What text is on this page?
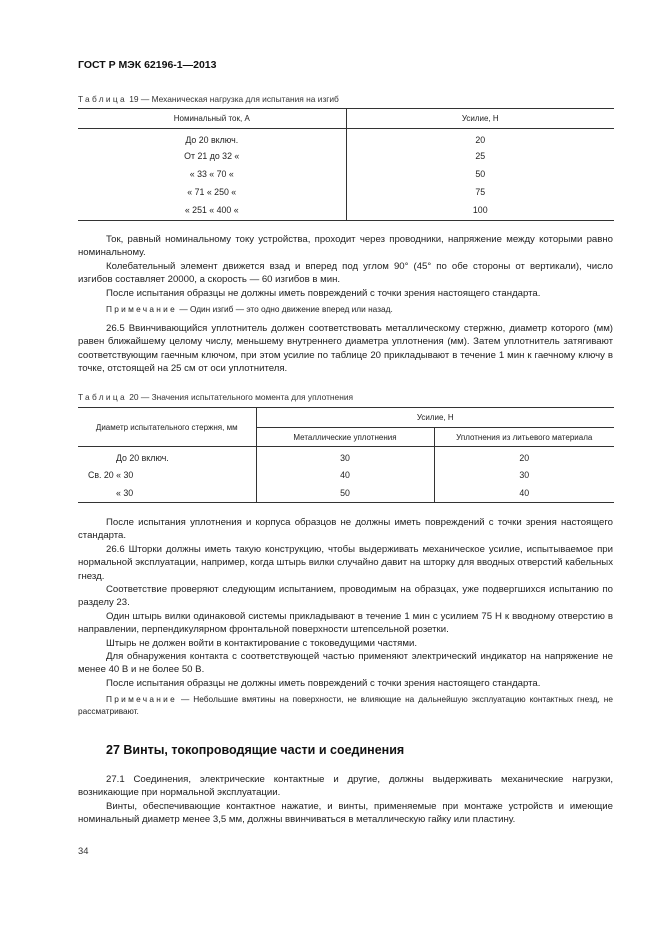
ГОСТ Р МЭК 62196-1—2013
Таблица 19 — Механическая нагрузка для испытания на изгиб
Номинальный ток, А	Усилие, Н
До 20 включ.	20
От 21 до 32 «	25
« 33 « 70 «	50
« 71 « 250 «	75
« 251 « 400 «	100

Ток, равный номинальному току устройства, проходит через проводники, напряжение между которыми равно номинальному.

Колебательный элемент движется взад и вперед под углом 90° (45° по обе стороны от вертикали), число изгибов составляет 20000, а скорость — 60 изгибов в мин.

После испытания образцы не должны иметь повреждений с точки зрения настоящего стандарта.

Примечание — Один изгиб — это одно движение вперед или назад.

26.5 Ввинчивающийся уплотнитель должен соответствовать металлическому стержню, диаметр которого (мм) равен ближайшему целому числу, меньшему внутреннего диаметра уплотнения (мм). Затем уплотнитель затягивают соответствующим гаечным ключом, при этом усилие по таблице 20 прикладывают в течение 1 мин к гаечному ключу в точке, отстоящей на 25 см от оси уплотнителя.

Таблица 20 — Значения испытательного момента для уплотнения
Диаметр испытательного стержня, мм	Усилие, Н	
	Металлические уплотнения	Уплотнения из литьевого материала
До 20 включ.	30	20
Св. 20 « 30	40	30
« 30	50	40

После испытания уплотнения и корпуса образцов не должны иметь повреждений с точки зрения настоящего стандарта.

26.6 Шторки должны иметь такую конструкцию, чтобы выдерживать механическое усилие, испытываемое при нормальной эксплуатации, например, когда штырь вилки случайно давит на шторку для вводных отверстий кабельных гнезд.

Соответствие проверяют следующим испытанием, проводимым на образцах, уже подвергшихся испытанию по разделу 23.

Один штырь вилки одинаковой системы прикладывают в течение 1 мин с усилием 75 Н к вводному отверстию в направлении, перпендикулярном фронтальной поверхности штепсельной розетки.

Штырь не должен войти в контактирование с токоведущими частями.

Для обнаружения контакта с соответствующей частью применяют электрический индикатор на напряжение не менее 40 В и не более 50 В.

После испытания образцы не должны иметь повреждений с точки зрения настоящего стандарта.

Примечание — Небольшие вмятины на поверхности, не влияющие на дальнейшую эксплуатацию контактных гнезд, не рассматривают.

27 Винты, токопроводящие части и соединения

27.1 Соединения, электрические контактные и другие, должны выдерживать механические нагрузки, возникающие при нормальной эксплуатации.

Винты, обеспечивающие контактное нажатие, и винты, применяемые при монтаже устройств и имеющие номинальный диаметр менее 3,5 мм, должны ввинчиваться в металлическую гайку или пластину.

34
